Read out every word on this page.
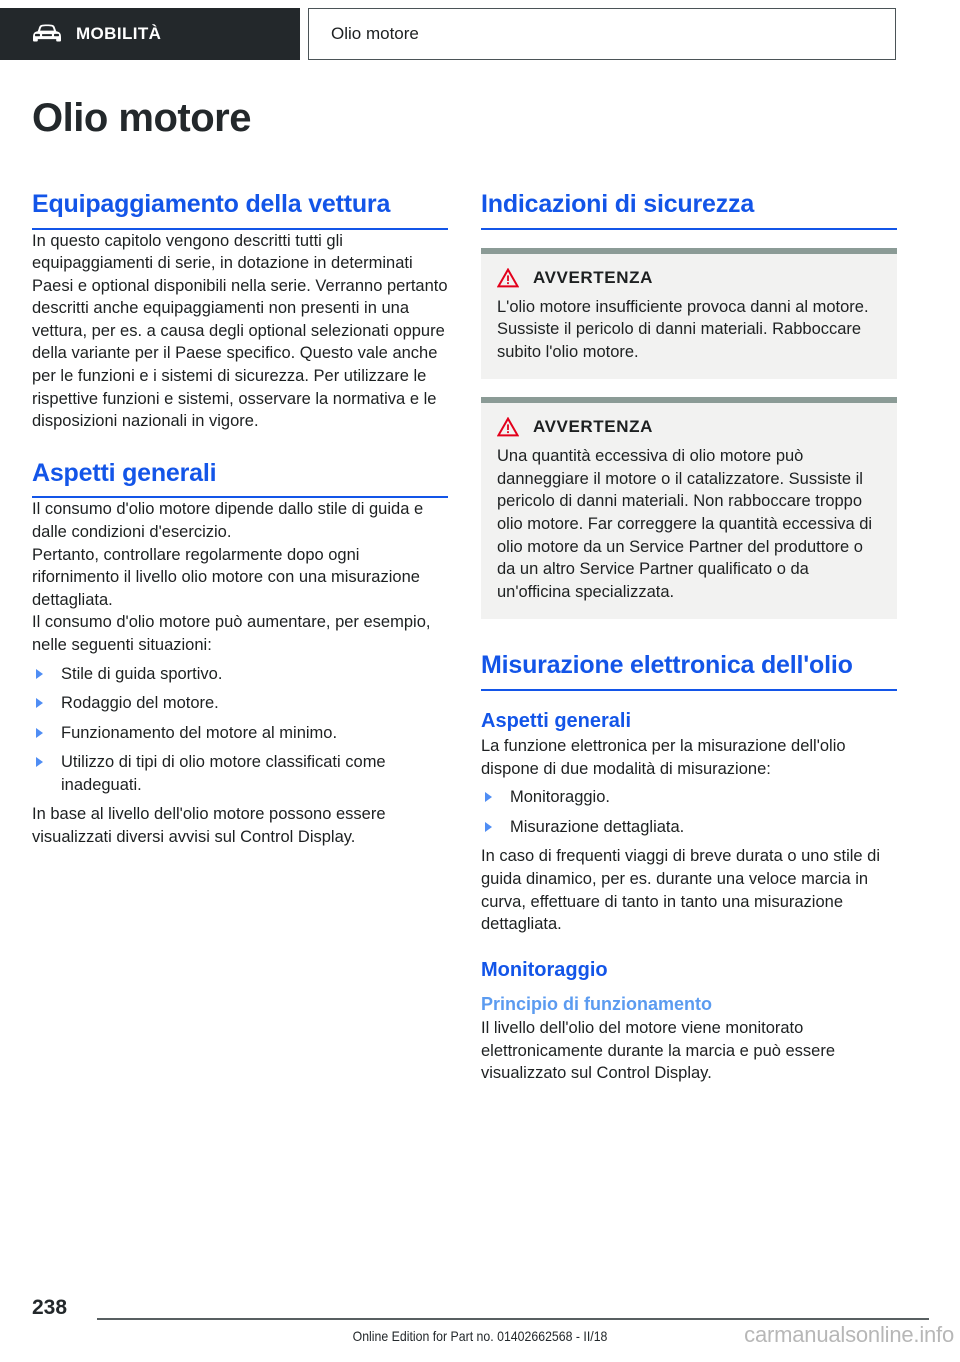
MOBILITÀ	Olio motore
Olio motore
Equipaggiamento della vettura

In questo capitolo vengono descritti tutti gli equipaggiamenti di serie, in dotazione in determinati Paesi e optional disponibili nella serie. Verranno pertanto descritti anche equipaggiamenti non presenti in una vettura, per es. a causa degli optional selezionati oppure della variante per il Paese specifico. Questo vale anche per le funzioni e i sistemi di sicurezza. Per utilizzare le rispettive funzioni e sistemi, osservare la normativa e le disposizioni nazionali in vigore.

Aspetti generali

Il consumo d'olio motore dipende dallo stile di guida e dalle condizioni d'esercizio.

Pertanto, controllare regolarmente dopo ogni rifornimento il livello olio motore con una misurazione dettagliata.

Il consumo d'olio motore può aumentare, per esempio, nelle seguenti situazioni:

Stile di guida sportivo.
Rodaggio del motore.
Funzionamento del motore al minimo.
Utilizzo di tipi di olio motore classificati come inadeguati.

In base al livello dell'olio motore possono essere visualizzati diversi avvisi sul Control Display.

Indicazioni di sicurezza
AVVERTENZA

L'olio motore insufficiente provoca danni al motore. Sussiste il pericolo di danni materiali. Rabboccare subito l'olio motore.

AVVERTENZA

Una quantità eccessiva di olio motore può danneggiare il motore o il catalizzatore. Sussiste il pericolo di danni materiali. Non rabboccare troppo olio motore. Far correggere la quantità eccessiva di olio motore da un Service Partner del produttore o da un altro Service Partner qualificato o da un'officina specializzata.

Misurazione elettronica dell'olio
Aspetti generali

La funzione elettronica per la misurazione dell'olio dispone di due modalità di misurazione:

Monitoraggio.
Misurazione dettagliata.

In caso di frequenti viaggi di breve durata o uno stile di guida dinamico, per es. durante una veloce marcia in curva, effettuare di tanto in tanto una misurazione dettagliata.

Monitoraggio
Principio di funzionamento

Il livello dell'olio del motore viene monitorato elettronicamente durante la marcia e può essere visualizzato sul Control Display.

238
Online Edition for Part no. 01402662568 - II/18	carmanualsonline.info
